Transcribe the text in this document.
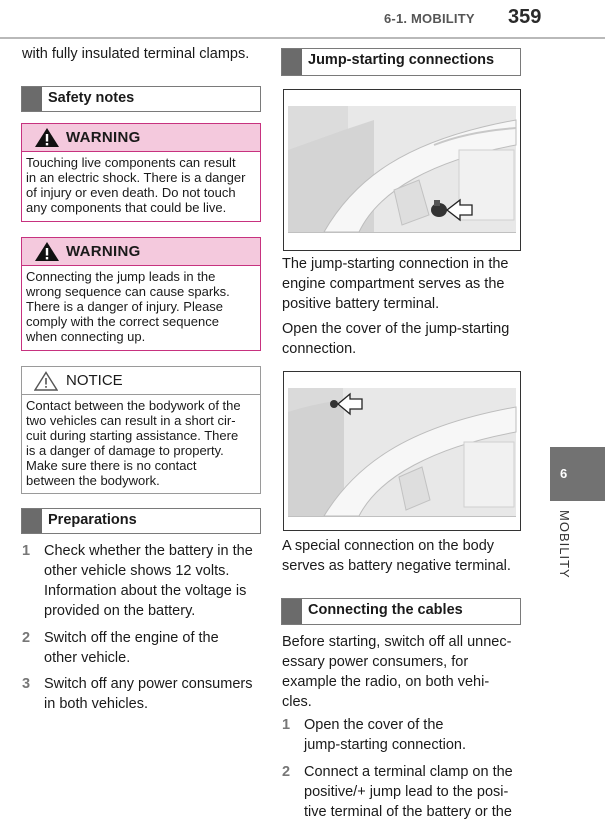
6-1. MOBILITY 359
6
MOBILITY
with fully insulated terminal clamps.
Safety notes
WARNING
Touching live components can result
in an electric shock. There is a danger
of injury or even death. Do not touch
any components that could be live.
WARNING
Connecting the jump leads in the
wrong sequence can cause sparks.
There is a danger of injury. Please
comply with the correct sequence
when connecting up.
NOTICE
Contact between the bodywork of the
two vehicles can result in a short cir-
cuit during starting assistance. There
is a danger of damage to property.
Make sure there is no contact
between the bodywork.
Preparations
1 Check whether the battery in the
other vehicle shows 12 volts.
Information about the voltage is
provided on the battery.
2 Switch off the engine of the
other vehicle.
3 Switch off any power consumers
in both vehicles.
Jump-starting connections
The jump-starting connection in the
engine compartment serves as the
positive battery terminal.
Open the cover of the jump-starting
connection.
A special connection on the body
serves as battery negative terminal.
Connecting the cables
Before starting, switch off all unnec-
essary power consumers, for
example the radio, on both vehi-
cles.
1 Open the cover of the
jump-starting connection.
2 Connect a terminal clamp on the
positive/+ jump lead to the posi-
tive terminal of the battery or the
